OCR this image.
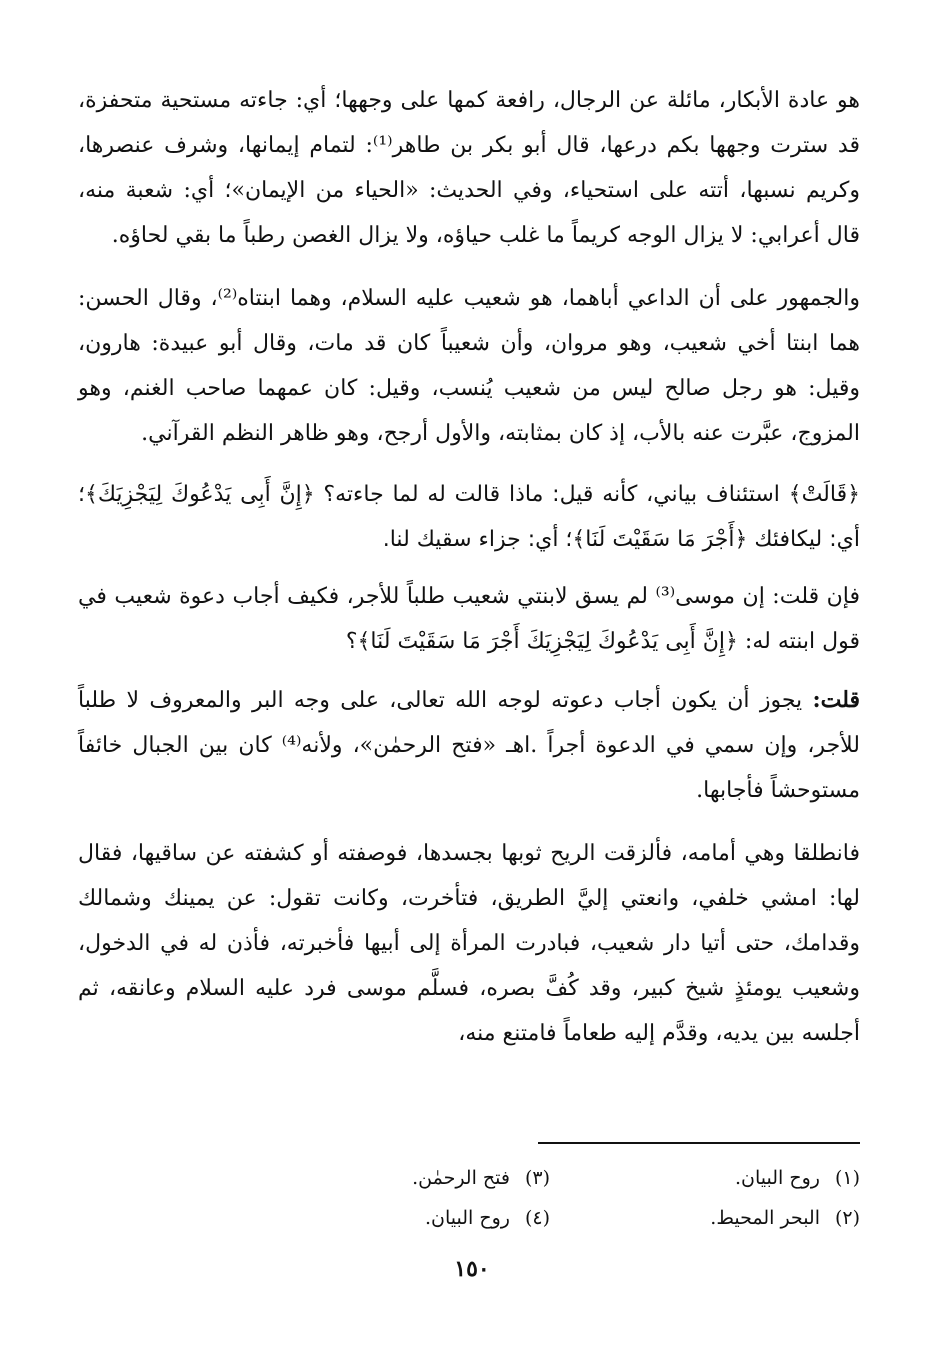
هو عادة الأبكار، مائلة عن الرجال، رافعة كمها على وجهها؛ أي: جاءته مستحية متحفزة، قد سترت وجهها بكم درعها، قال أبو بكر بن طاهر⁽¹⁾: لتمام إيمانها، وشرف عنصرها، وكريم نسبها، أتته على استحياء، وفي الحديث: «الحياء من الإيمان»؛ أي: شعبة منه، قال أعرابي: لا يزال الوجه كريماً ما غلب حياؤه، ولا يزال الغصن رطباً ما بقي لحاؤه.

والجمهور على أن الداعي أباهما، هو شعيب عليه السلام، وهما ابنتاه⁽²⁾، وقال الحسن: هما ابنتا أخي شعيب، وهو مروان، وأن شعيباً كان قد مات، وقال أبو عبيدة: هارون، وقيل: هو رجل صالح ليس من شعيب يُنسب، وقيل: كان عمهما صاحب الغنم، وهو المزوج، عبَّرت عنه بالأب، إذ كان بمثابته، والأول أرجح، وهو ظاهر النظم القرآني.

﴿قَالَتْ﴾ استئناف بياني، كأنه قيل: ماذا قالت له لما جاءته؟ ﴿إِنَّ أَبِى يَدْعُوكَ لِيَجْزِيَكَ﴾؛ أي: ليكافئك ﴿أَجْرَ مَا سَقَيْتَ لَنَا﴾؛ أي: جزاء سقيك لنا.

فإن قلت: إن موسى⁽³⁾ لم يسق لابنتي شعيب طلباً للأجر، فكيف أجاب دعوة شعيب في قول ابنته له: ﴿إِنَّ أَبِى يَدْعُوكَ لِيَجْزِيَكَ أَجْرَ مَا سَقَيْتَ لَنَا﴾؟

قلت: يجوز أن يكون أجاب دعوته لوجه الله تعالى، على وجه البر والمعروف لا طلباً للأجر، وإن سمي في الدعوة أجراً .اهـ «فتح الرحمٰن»، ولأنه⁽⁴⁾ كان بين الجبال خائفاً مستوحشاً فأجابها.

فانطلقا وهي أمامه، فألزقت الريح ثوبها بجسدها، فوصفته أو كشفته عن ساقيها، فقال لها: امشي خلفي، وانعتي إليَّ الطريق، فتأخرت، وكانت تقول: عن يمينك وشمالك وقدامك، حتى أتيا دار شعيب، فبادرت المرأة إلى أبيها فأخبرته، فأذن له في الدخول، وشعيب يومئذٍ شيخ كبير، وقد كُفَّ بصره، فسلَّم موسى فرد عليه السلام وعانقه، ثم أجلسه بين يديه، وقدَّم إليه طعاماً فامتنع منه،

(١)روح البيان.
(٣)فتح الرحمٰن.
(٢)البحر المحيط.
(٤)روح البيان.
١٥٠
